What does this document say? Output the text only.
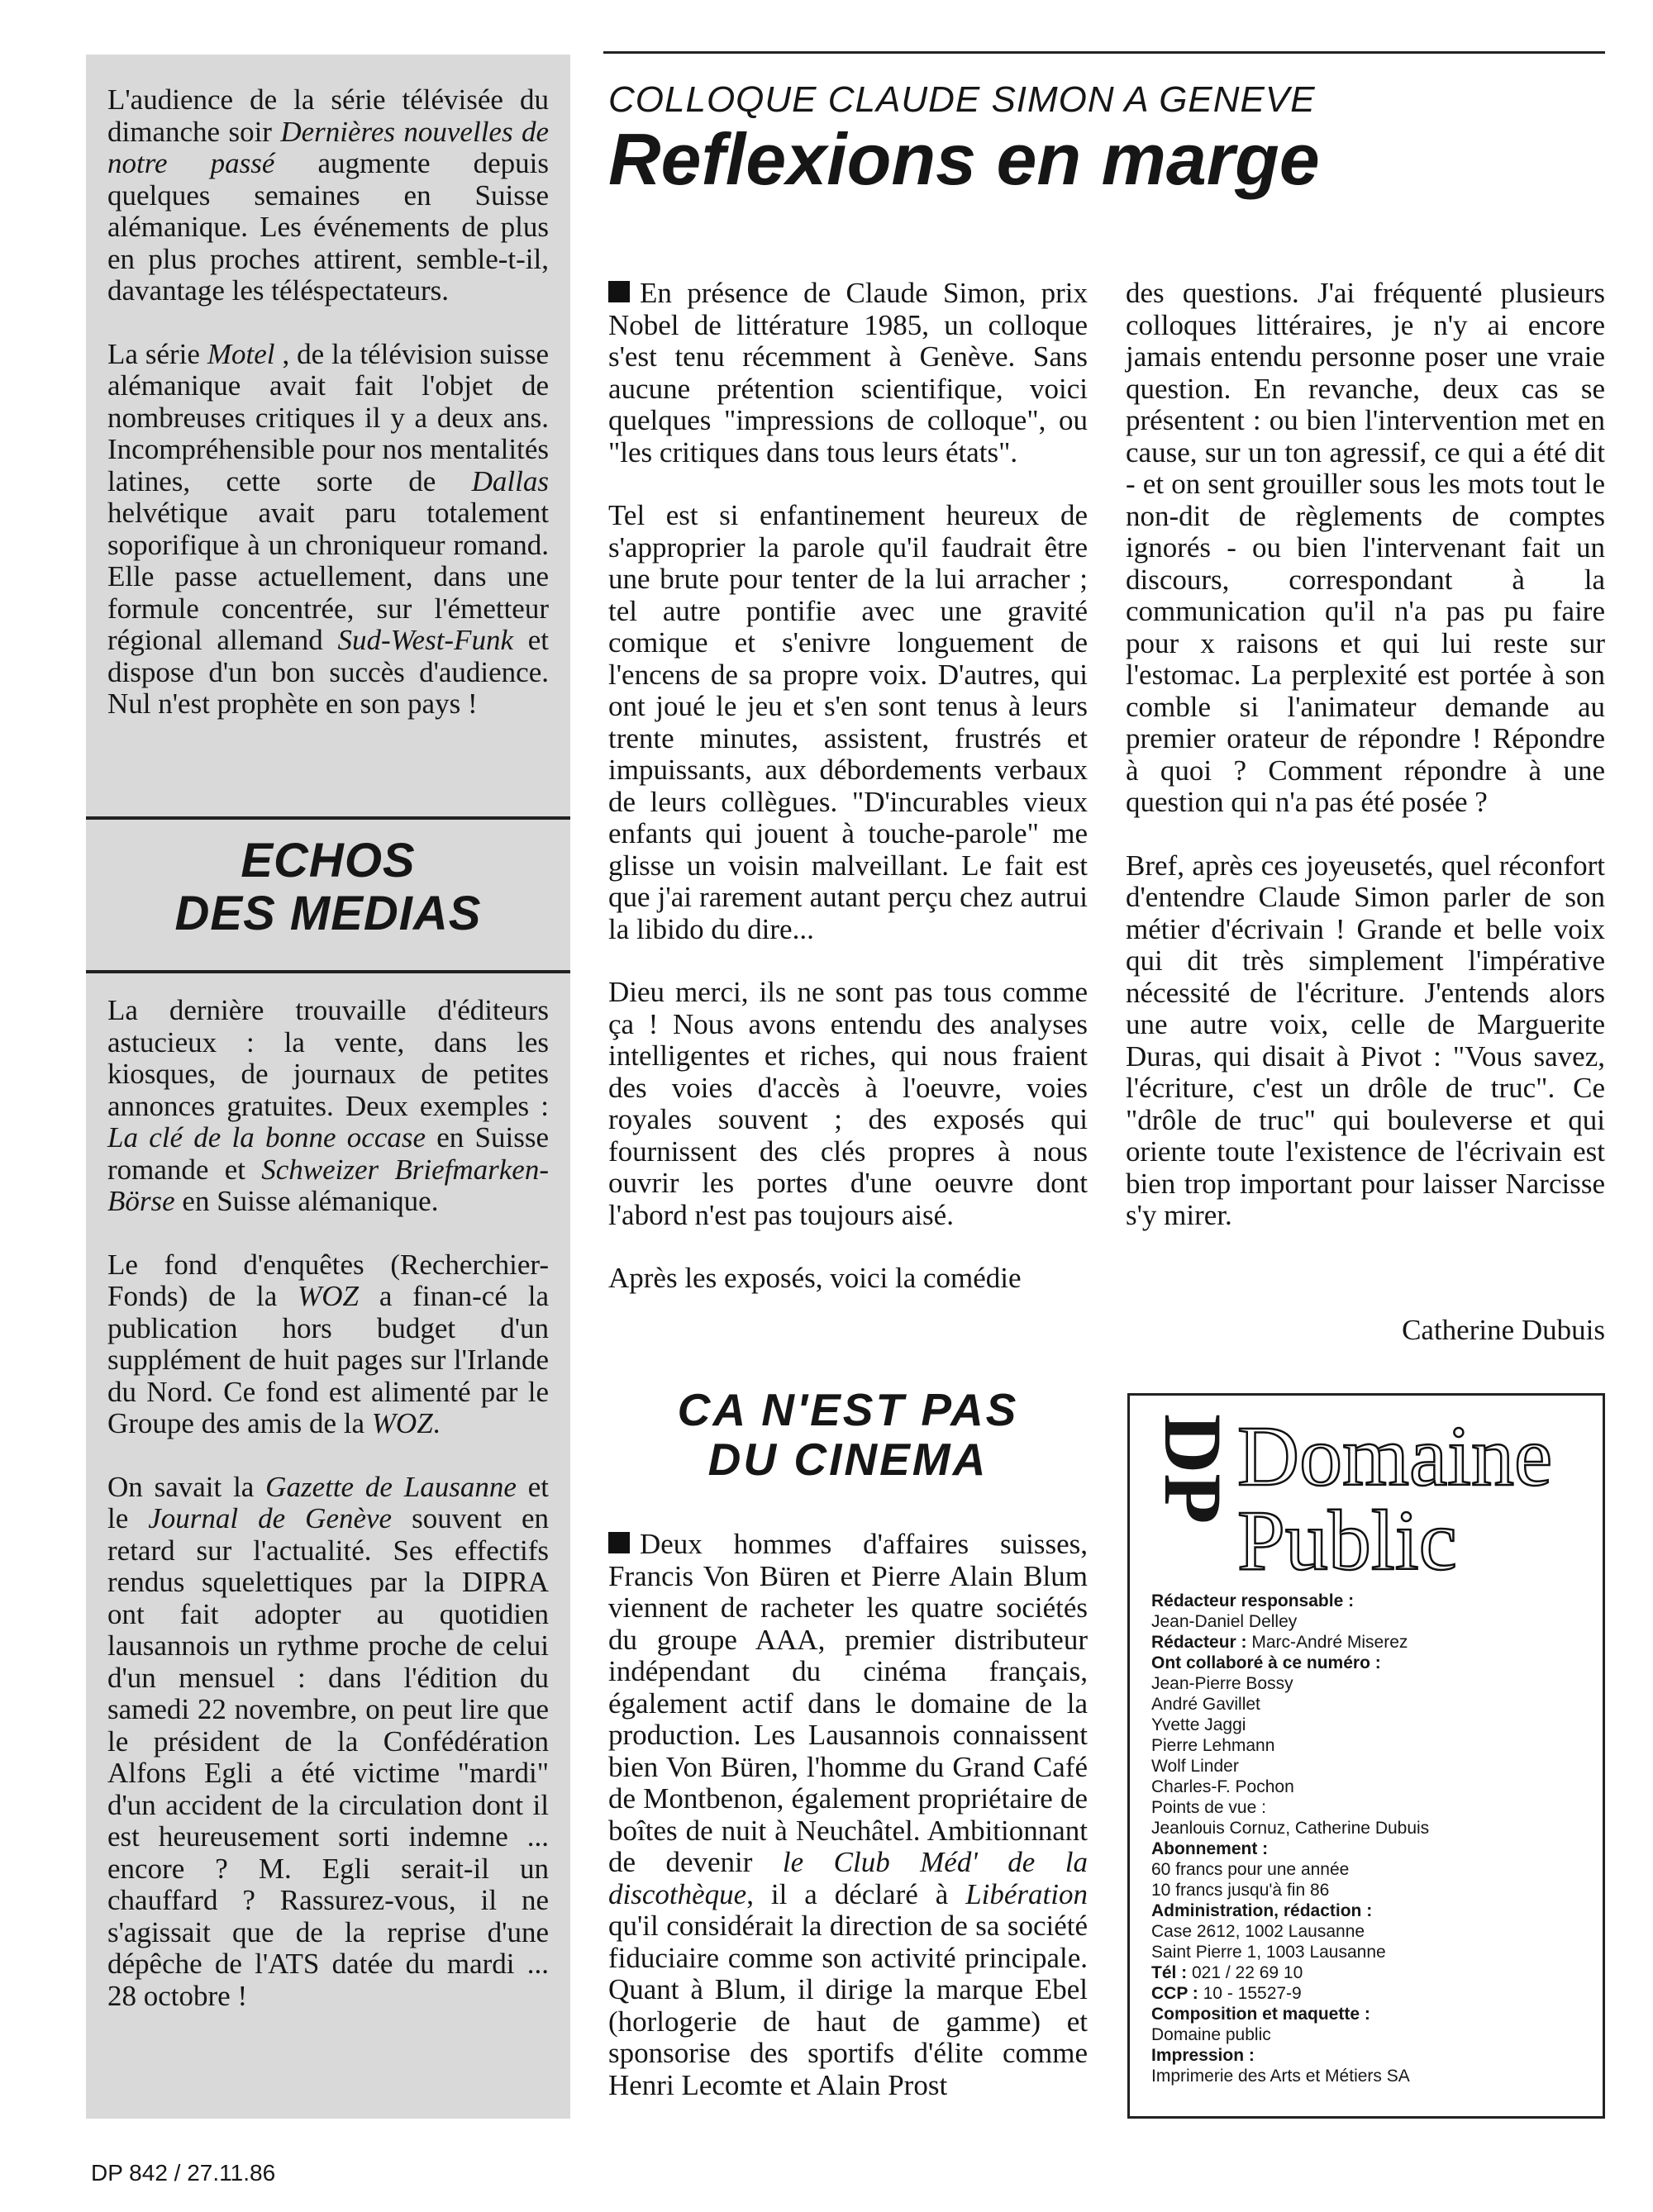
L'audience de la série télévisée du dimanche soir Dernières nouvelles de notre passé augmente depuis quelques semaines en Suisse alémanique. Les événements de plus en plus proches attirent, semble-t-il, davantage les téléspectateurs.

La série Motel , de la télévision suisse alémanique avait fait l'objet de nombreuses critiques il y a deux ans. Incompréhensible pour nos mentalités latines, cette sorte de Dallas helvétique avait paru totalement soporifique à un chroniqueur romand. Elle passe actuellement, dans une formule concentrée, sur l'émetteur régional allemand Sud-West-Funk et dispose d'un bon succès d'audience. Nul n'est prophète en son pays !

ECHOS
DES MEDIAS

La dernière trouvaille d'éditeurs astucieux : la vente, dans les kiosques, de journaux de petites annonces gratuites. Deux exemples : La clé de la bonne occase en Suisse romande et Schweizer Briefmarken-Börse en Suisse alémanique.

Le fond d'enquêtes (Recherchier-Fonds) de la WOZ a finan-cé la publication hors budget d'un supplément de huit pages sur l'Irlande du Nord. Ce fond est alimenté par le Groupe des amis de la WOZ.

On savait la Gazette de Lausanne et le Journal de Genève souvent en retard sur l'actualité. Ses effectifs rendus squelettiques par la DIPRA ont fait adopter au quotidien lausannois un rythme proche de celui d'un mensuel : dans l'édition du samedi 22 novembre, on peut lire que le président de la Confédération Alfons Egli a été victime "mardi" d'un accident de la circulation dont il est heureusement sorti indemne ... encore ? M. Egli serait-il un chauffard ? Rassurez-vous, il ne s'agissait que de la reprise d'une dépêche de l'ATS datée du mardi ... 28 octobre !

COLLOQUE CLAUDE SIMON A GENEVE
Reflexions en marge

En présence de Claude Simon, prix Nobel de littérature 1985, un colloque s'est tenu récemment à Genève. Sans aucune prétention scientifique, voici quelques "impressions de colloque", ou "les critiques dans tous leurs états".

Tel est si enfantinement heureux de s'approprier la parole qu'il faudrait être une brute pour tenter de la lui arracher ; tel autre pontifie avec une gravité comique et s'enivre longuement de l'encens de sa propre voix. D'autres, qui ont joué le jeu et s'en sont tenus à leurs trente minutes, assistent, frustrés et impuissants, aux débordements verbaux de leurs collègues. "D'incurables vieux enfants qui jouent à touche-parole" me glisse un voisin malveillant. Le fait est que j'ai rarement autant perçu chez autrui la libido du dire...

Dieu merci, ils ne sont pas tous comme ça ! Nous avons entendu des analyses intelligentes et riches, qui nous fraient des voies d'accès à l'oeuvre, voies royales souvent ; des exposés qui fournissent des clés propres à nous ouvrir les portes d'une oeuvre dont l'abord n'est pas toujours aisé.

Après les exposés, voici la comédie

des questions. J'ai fréquenté plusieurs colloques littéraires, je n'y ai encore jamais entendu personne poser une vraie question. En revanche, deux cas se présentent : ou bien l'intervention met en cause, sur un ton agressif, ce qui a été dit - et on sent grouiller sous les mots tout le non-dit de règlements de comptes ignorés - ou bien l'intervenant fait un discours, correspondant à la communication qu'il n'a pas pu faire pour x raisons et qui lui reste sur l'estomac. La perplexité est portée à son comble si l'animateur demande au premier orateur de répondre ! Répondre à quoi ? Comment répondre à une question qui n'a pas été posée ?

Bref, après ces joyeusetés, quel réconfort d'entendre Claude Simon parler de son métier d'écrivain ! Grande et belle voix qui dit très simplement l'impérative nécessité de l'écriture. J'entends alors une autre voix, celle de Marguerite Duras, qui disait à Pivot : "Vous savez, l'écriture, c'est un drôle de truc". Ce "drôle de truc" qui bouleverse et qui oriente toute l'existence de l'écrivain est bien trop important pour laisser Narcisse s'y mirer.

Catherine Dubuis
CA N'EST PAS
DU CINEMA

Deux hommes d'affaires suisses, Francis Von Büren et Pierre Alain Blum viennent de racheter les quatre sociétés du groupe AAA, premier distributeur indépendant du cinéma français, également actif dans le domaine de la production. Les Lausannois connaissent bien Von Büren, l'homme du Grand Café de Montbenon, également propriétaire de boîtes de nuit à Neuchâtel. Ambitionnant de devenir le Club Méd' de la discothèque, il a déclaré à Libération qu'il considérait la direction de sa société fiduciaire comme son activité principale. Quant à Blum, il dirige la marque Ebel (horlogerie de haut de gamme) et sponsorise des sportifs d'élite comme Henri Lecomte et Alain Prost

DP
Domaine
Public
Rédacteur responsable :
Jean-Daniel Delley
Rédacteur : Marc-André Miserez
Ont collaboré à ce numéro :
Jean-Pierre Bossy
André Gavillet
Yvette Jaggi
Pierre Lehmann
Wolf Linder
Charles-F. Pochon
Points de vue :
Jeanlouis Cornuz, Catherine Dubuis
Abonnement :
60 francs pour une année
10 francs jusqu'à fin 86
Administration, rédaction :
Case 2612, 1002 Lausanne
Saint Pierre 1, 1003 Lausanne
Tél : 021 / 22 69 10
CCP : 10 - 15527-9
Composition et maquette :
Domaine public
Impression :
Imprimerie des Arts et Métiers SA
DP 842 / 27.11.86
